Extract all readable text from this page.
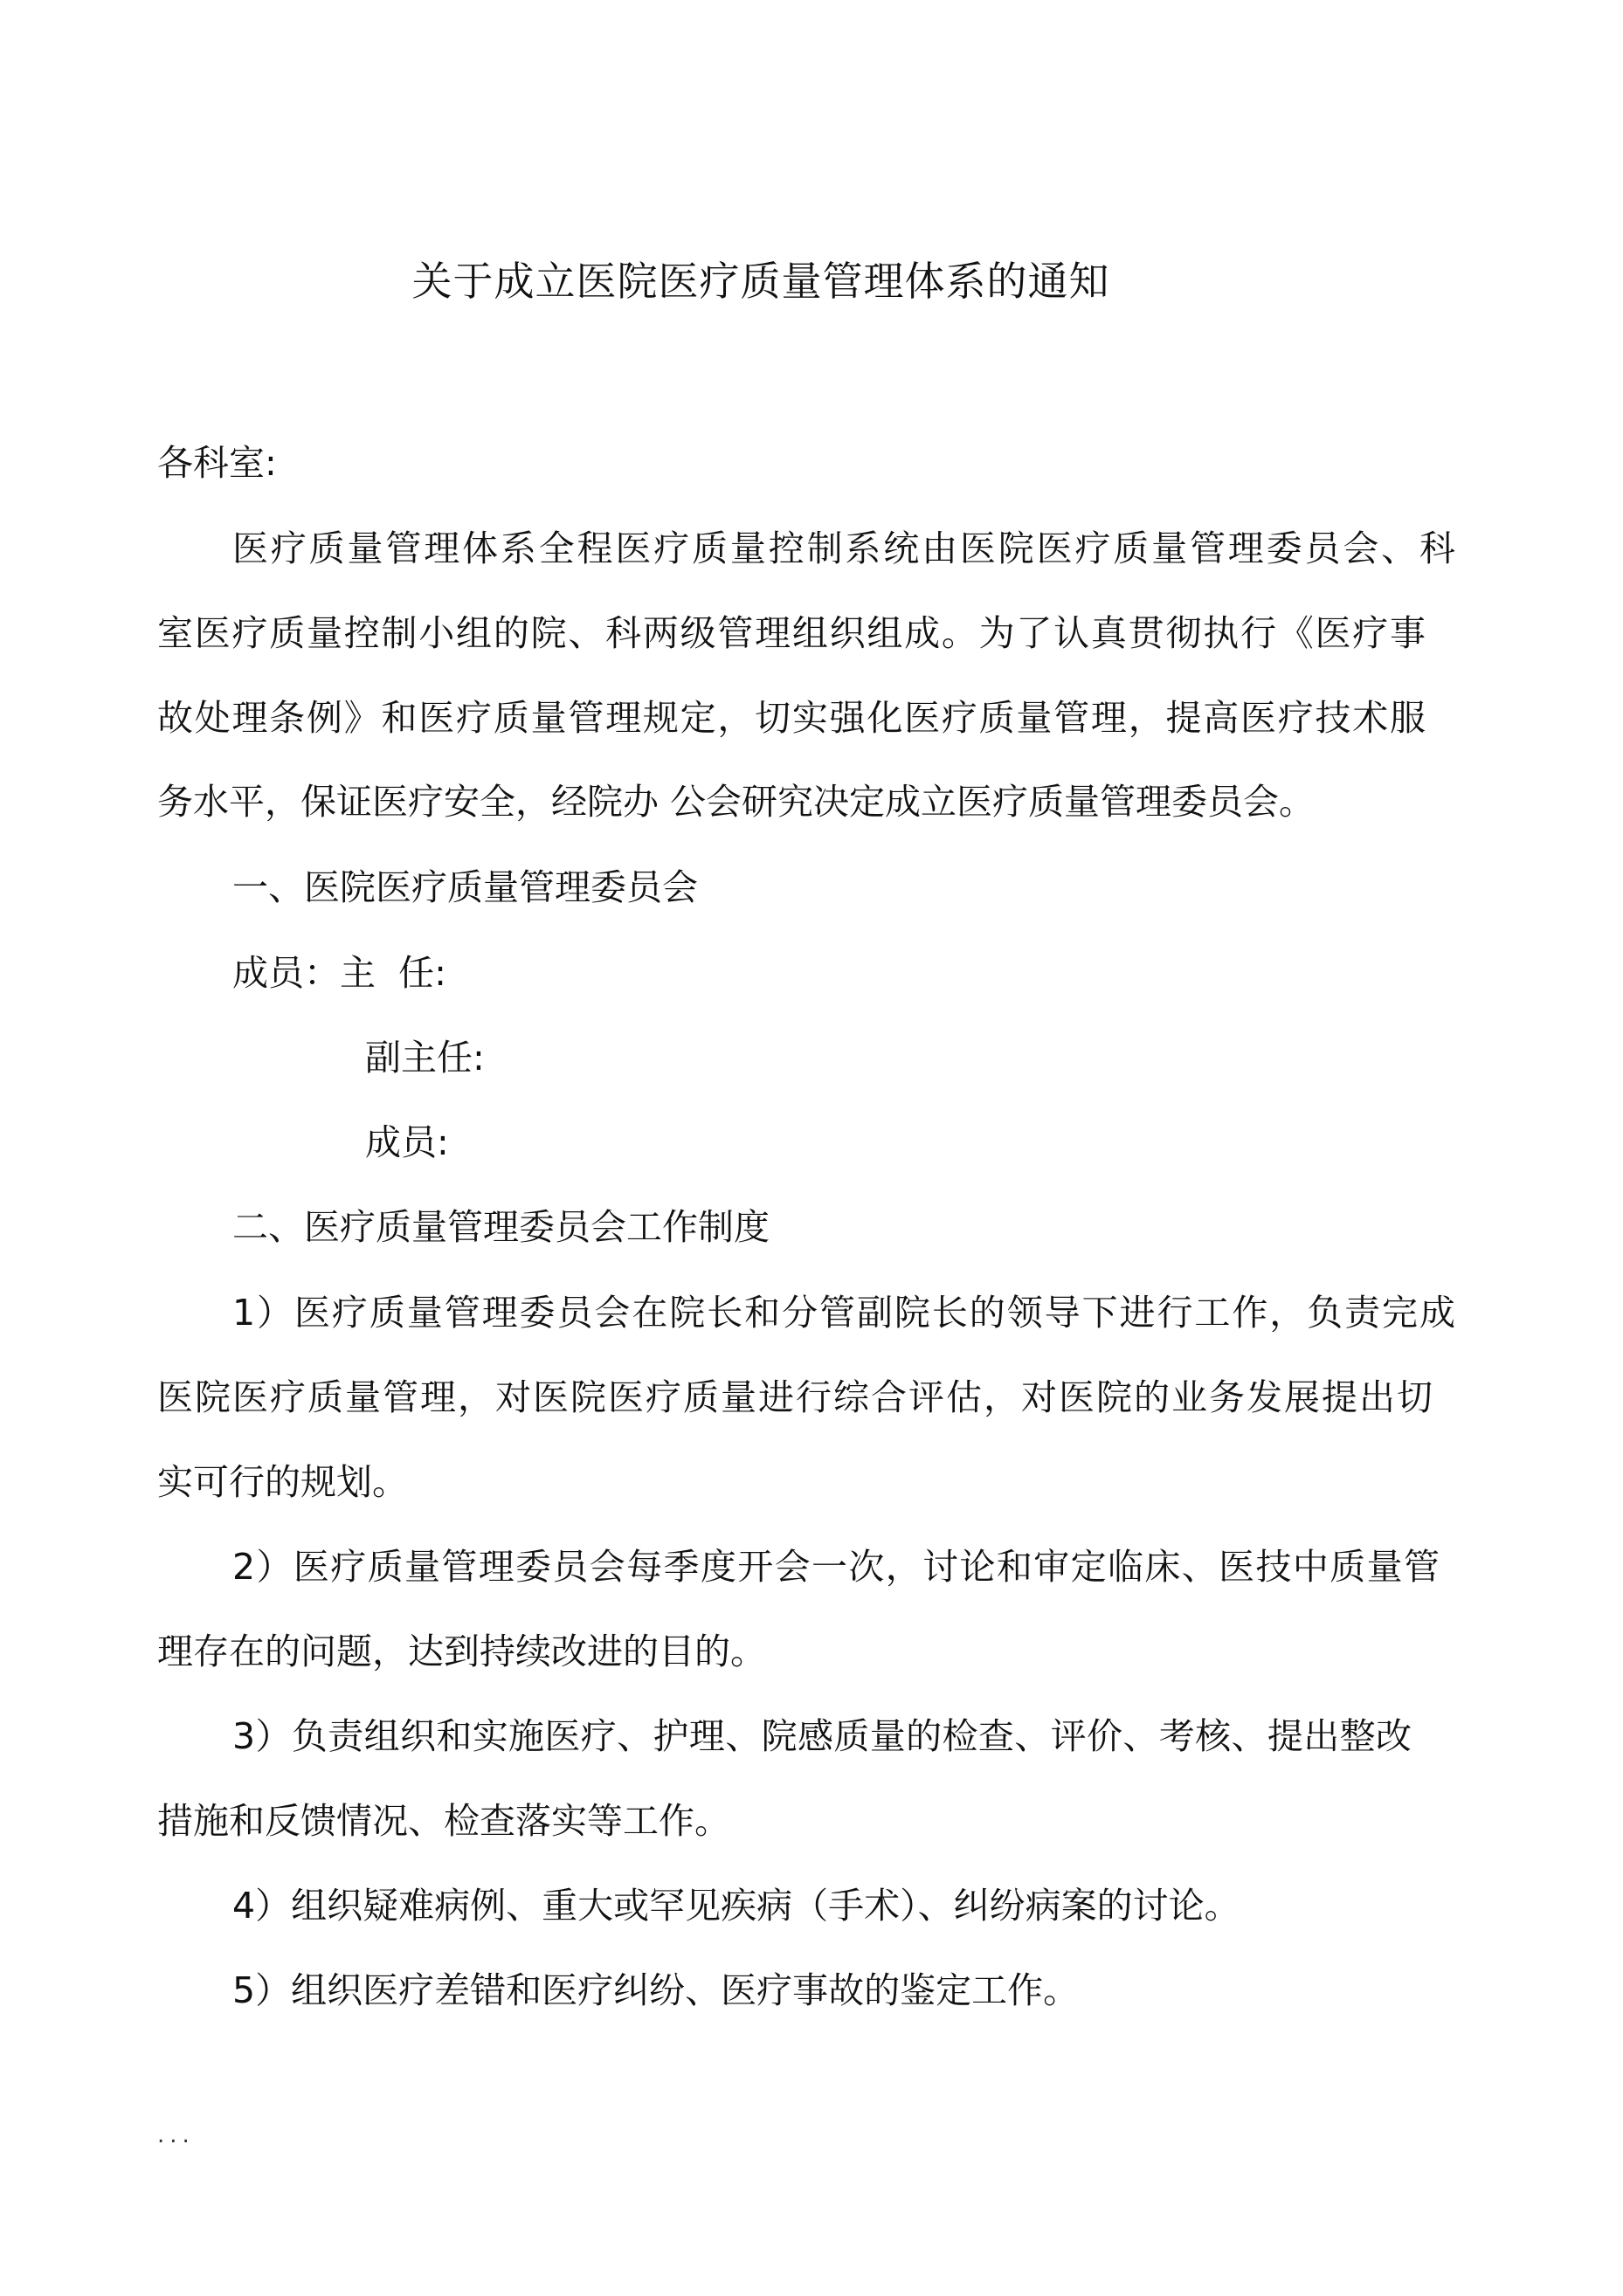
关于成立医院医疗质量管理体系的通知
各科室:
医疗质量管理体系全程医疗质量控制系统由医院医疗质量管理委员会、科
室医疗质量控制小组的院、科两级管理组织组成。为了认真贯彻执行《医疗事
故处理条例》和医疗质量管理规定，切实强化医疗质量管理，提高医疗技术服
务水平，保证医疗安全，经院办 公会研究决定成立医疗质量管理委员会。
一、医院医疗质量管理委员会
成员：主  任:
副主任:
成员:
二、医疗质量管理委员会工作制度
1）医疗质量管理委员会在院长和分管副院长的领导下进行工作，负责完成
医院医疗质量管理，对医院医疗质量进行综合评估，对医院的业务发展提出切
实可行的规划。
2）医疗质量管理委员会每季度开会一次，讨论和审定临床、医技中质量管
理存在的问题，达到持续改进的目的。
3）负责组织和实施医疗、护理、院感质量的检查、评价、考核、提出整改
措施和反馈情况、检查落实等工作。
4）组织疑难病例、重大或罕见疾病（手术）、纠纷病案的讨论。
5）组织医疗差错和医疗纠纷、医疗事故的鉴定工作。
...
